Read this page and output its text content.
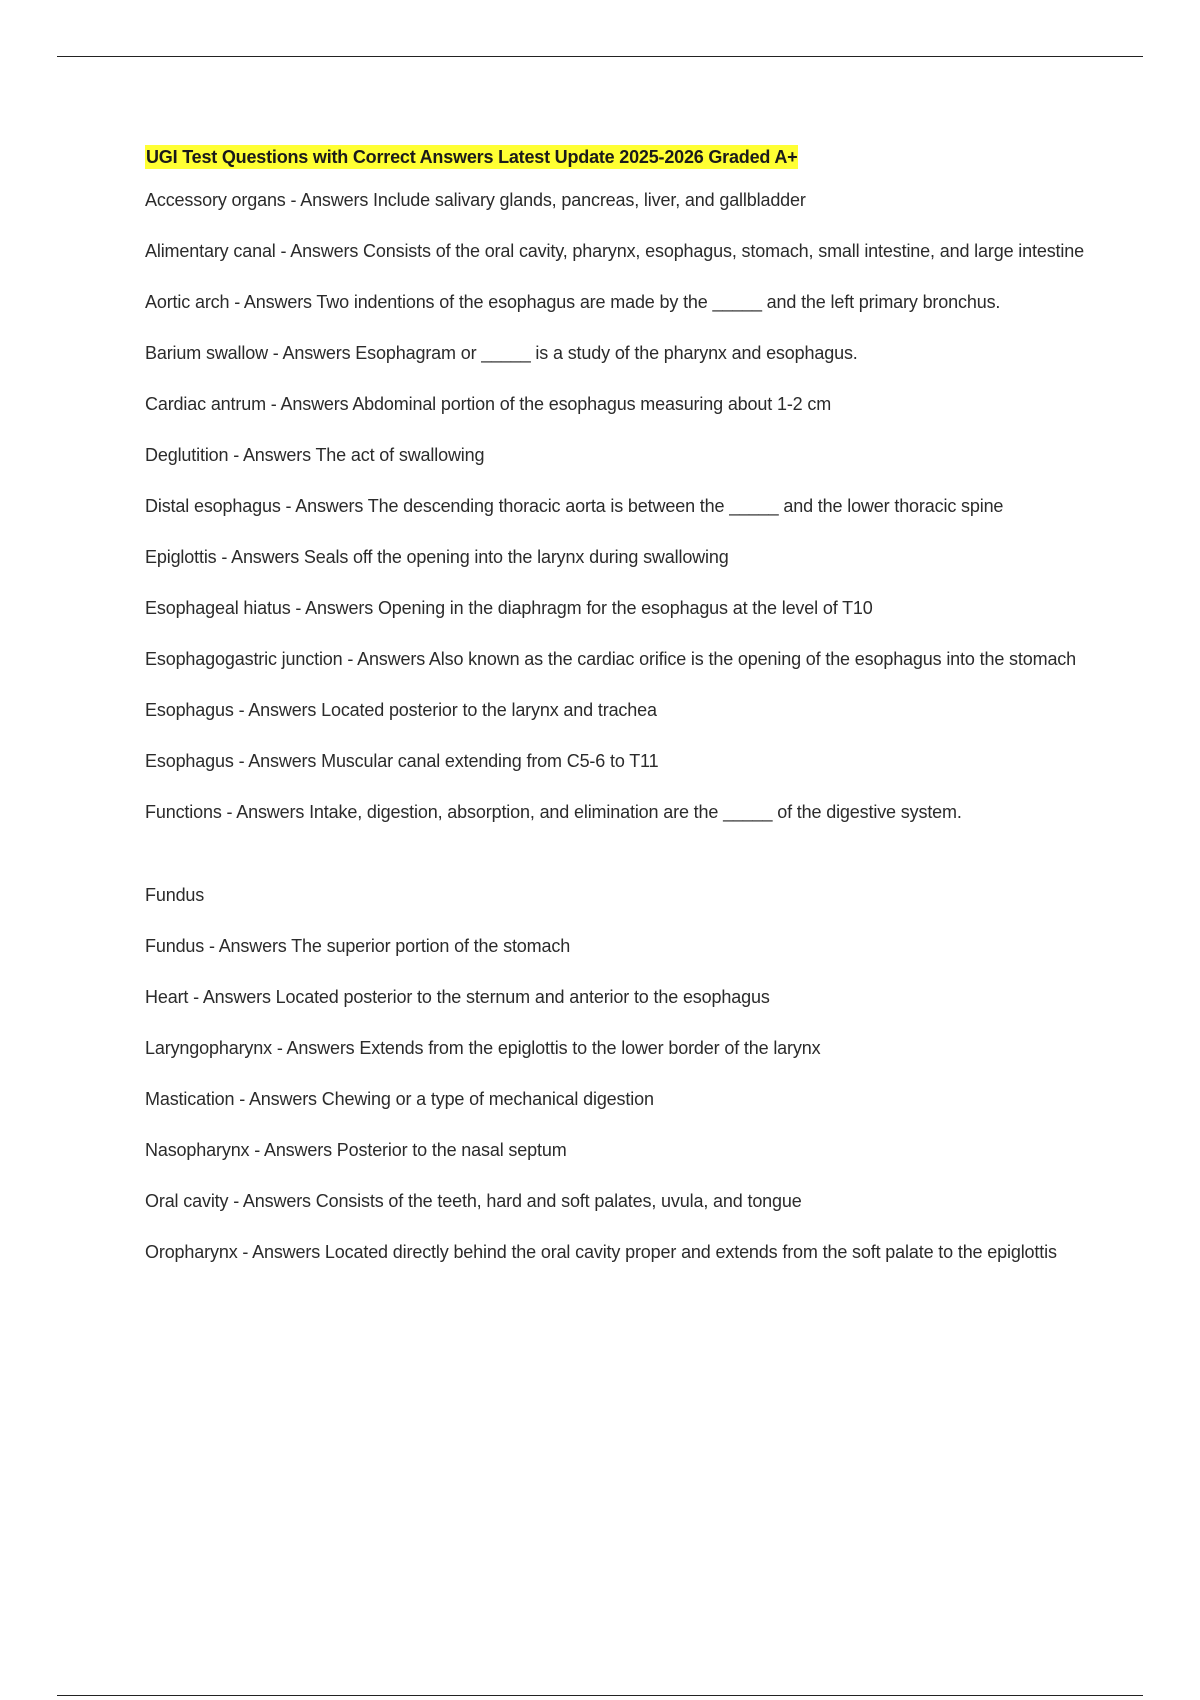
UGI Test Questions with Correct Answers Latest Update 2025-2026 Graded A+

Accessory organs - Answers Include salivary glands, pancreas, liver, and gallbladder

Alimentary canal - Answers Consists of the oral cavity, pharynx, esophagus, stomach, small intestine, and large intestine

Aortic arch - Answers Two indentions of the esophagus are made by the _____ and the left primary bronchus.

Barium swallow - Answers Esophagram or _____ is a study of the pharynx and esophagus.

Cardiac antrum - Answers Abdominal portion of the esophagus measuring about 1-2 cm

Deglutition - Answers The act of swallowing

Distal esophagus - Answers The descending thoracic aorta is between the _____ and the lower thoracic spine

Epiglottis - Answers Seals off the opening into the larynx during swallowing

Esophageal hiatus - Answers Opening in the diaphragm for the esophagus at the level of T10

Esophagogastric junction - Answers Also known as the cardiac orifice is the opening of the esophagus into the stomach

Esophagus - Answers Located posterior to the larynx and trachea

Esophagus - Answers Muscular canal extending from C5-6 to T11

Functions - Answers Intake, digestion, absorption, and elimination are the _____ of the digestive system.

Fundus

Fundus - Answers The superior portion of the stomach

Heart - Answers Located posterior to the sternum and anterior to the esophagus

Laryngopharynx - Answers Extends from the epiglottis to the lower border of the larynx

Mastication - Answers Chewing or a type of mechanical digestion

Nasopharynx - Answers Posterior to the nasal septum

Oral cavity - Answers Consists of the teeth, hard and soft palates, uvula, and tongue

Oropharynx - Answers Located directly behind the oral cavity proper and extends from the soft palate to the epiglottis
